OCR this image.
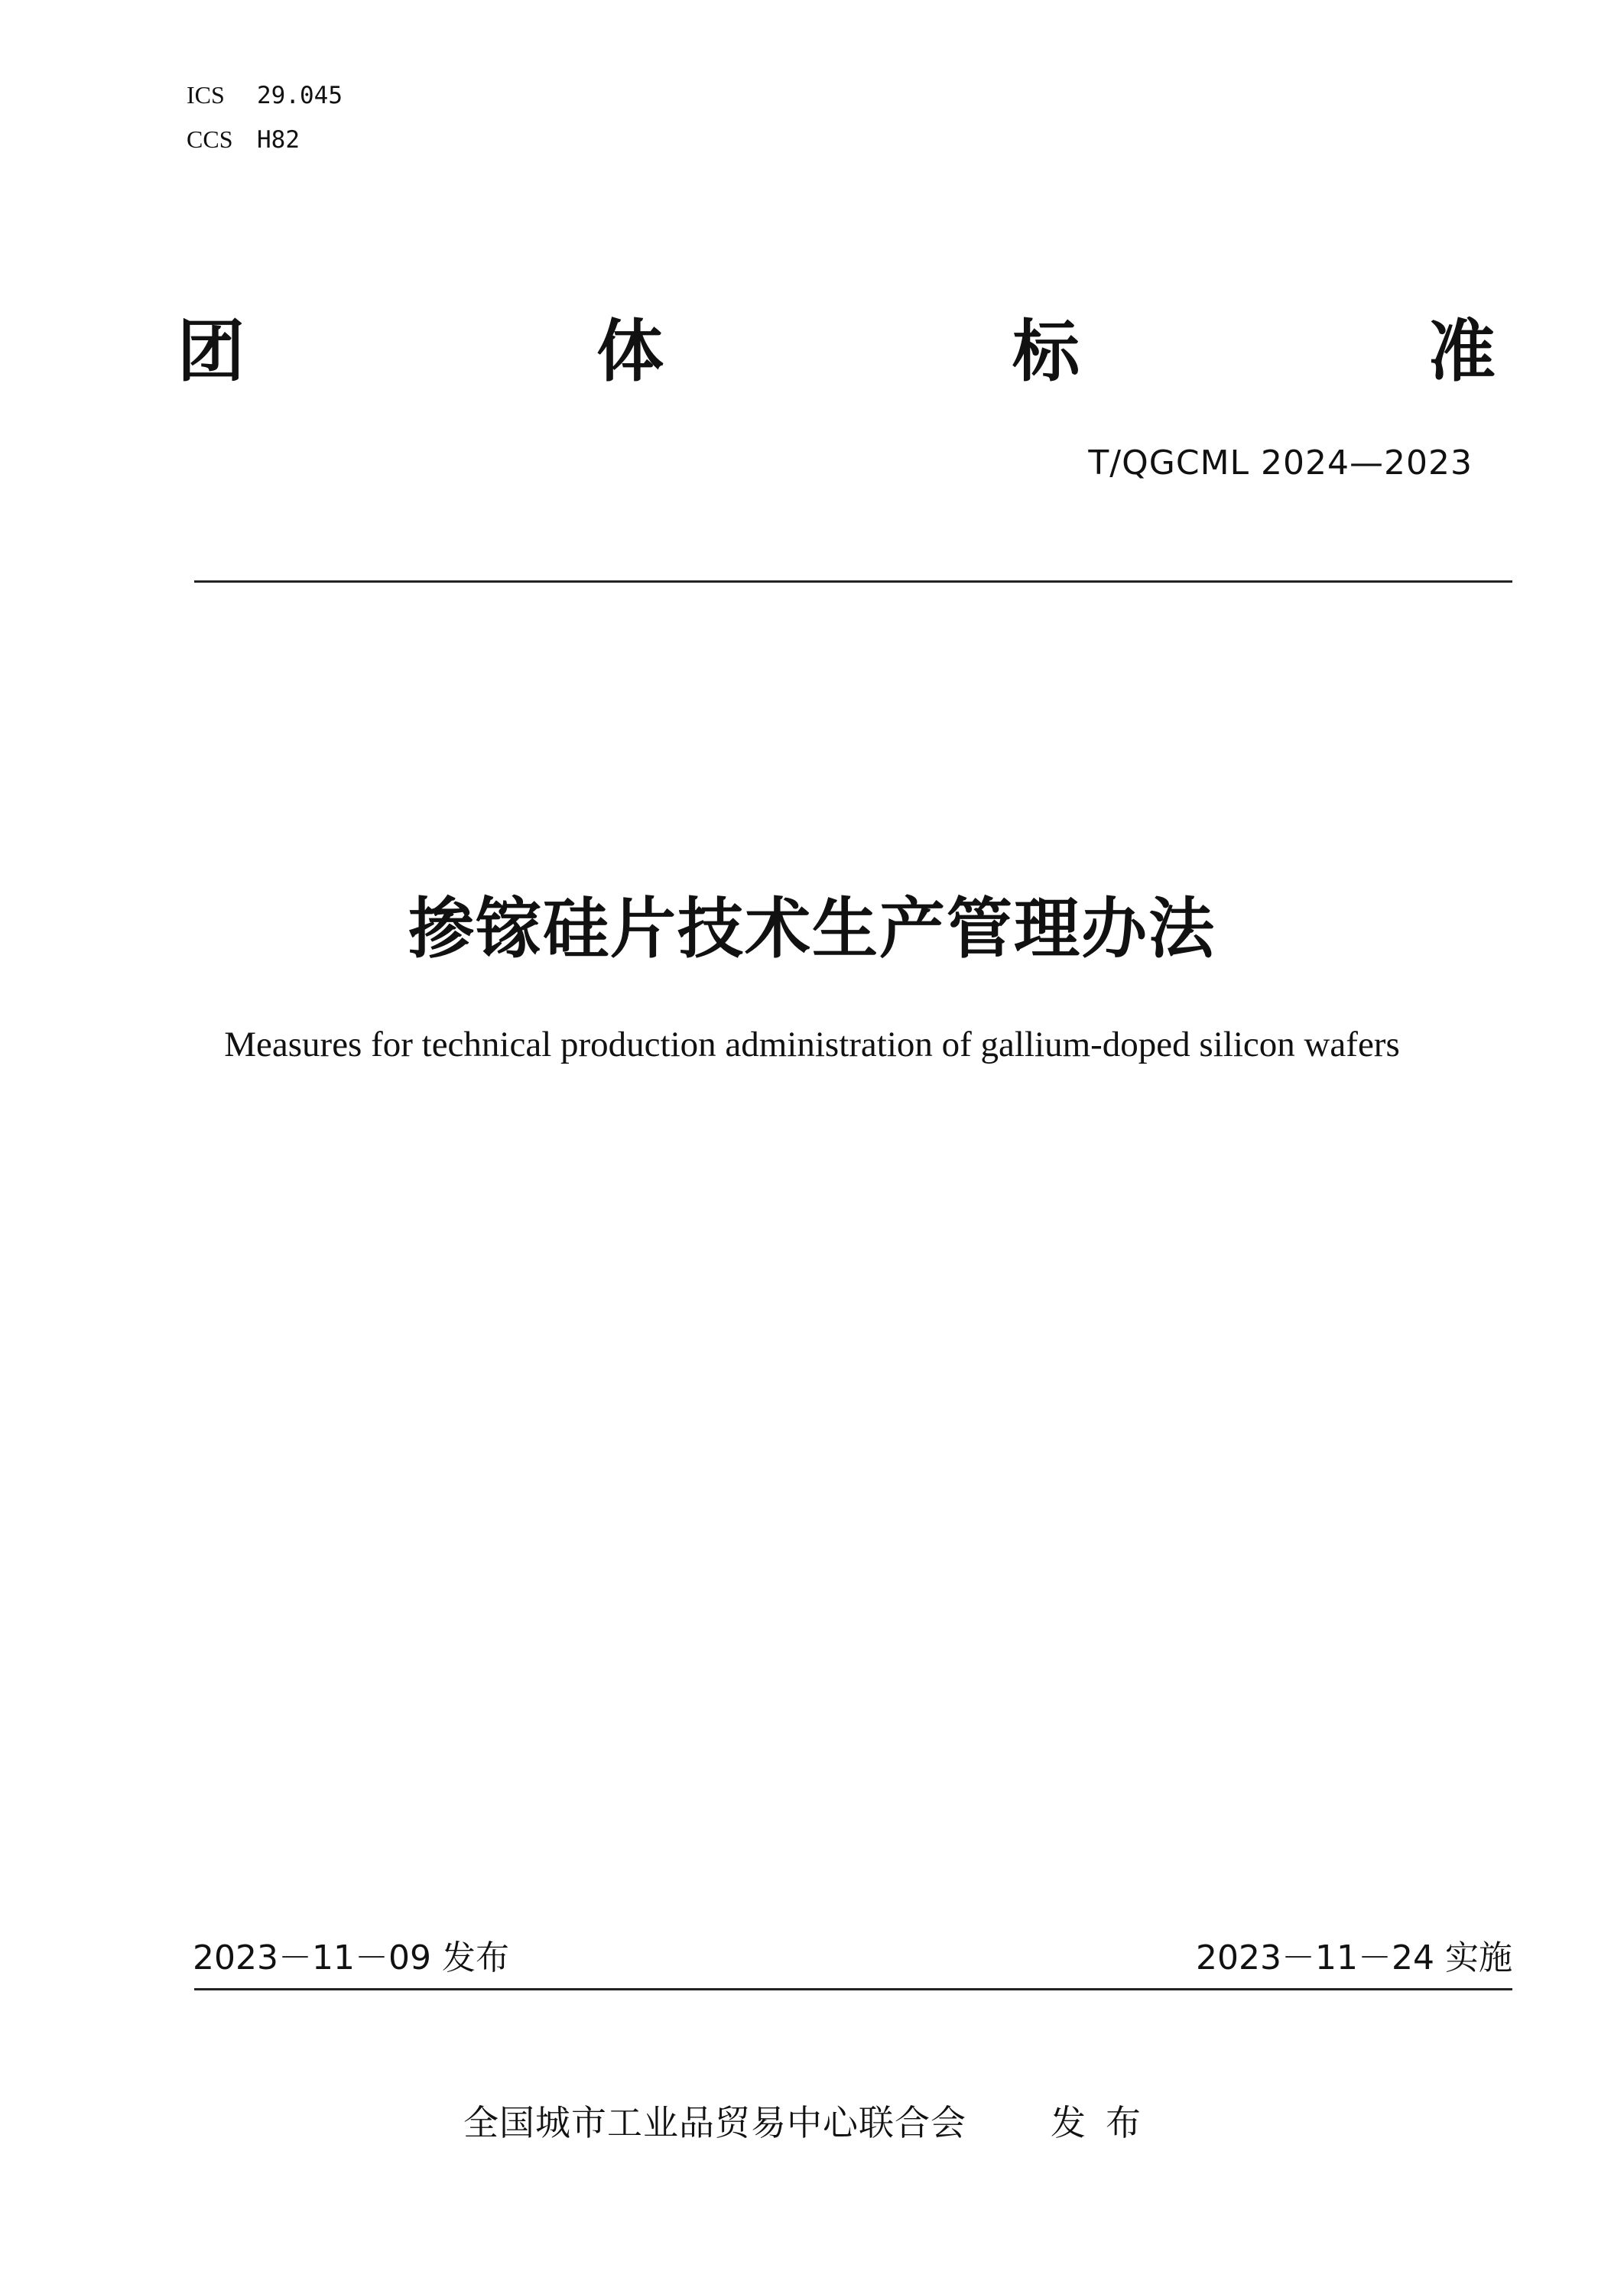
ICS 29.045
CCS H82
团	体	标	准
T/QGCML 2024—2023
掺镓硅片技术生产管理办法
Measures for technical production administration of gallium-doped silicon wafers
2023－11－09 发布	2023－11－24 实施
全国城市工业品贸易中心联合会 发布
